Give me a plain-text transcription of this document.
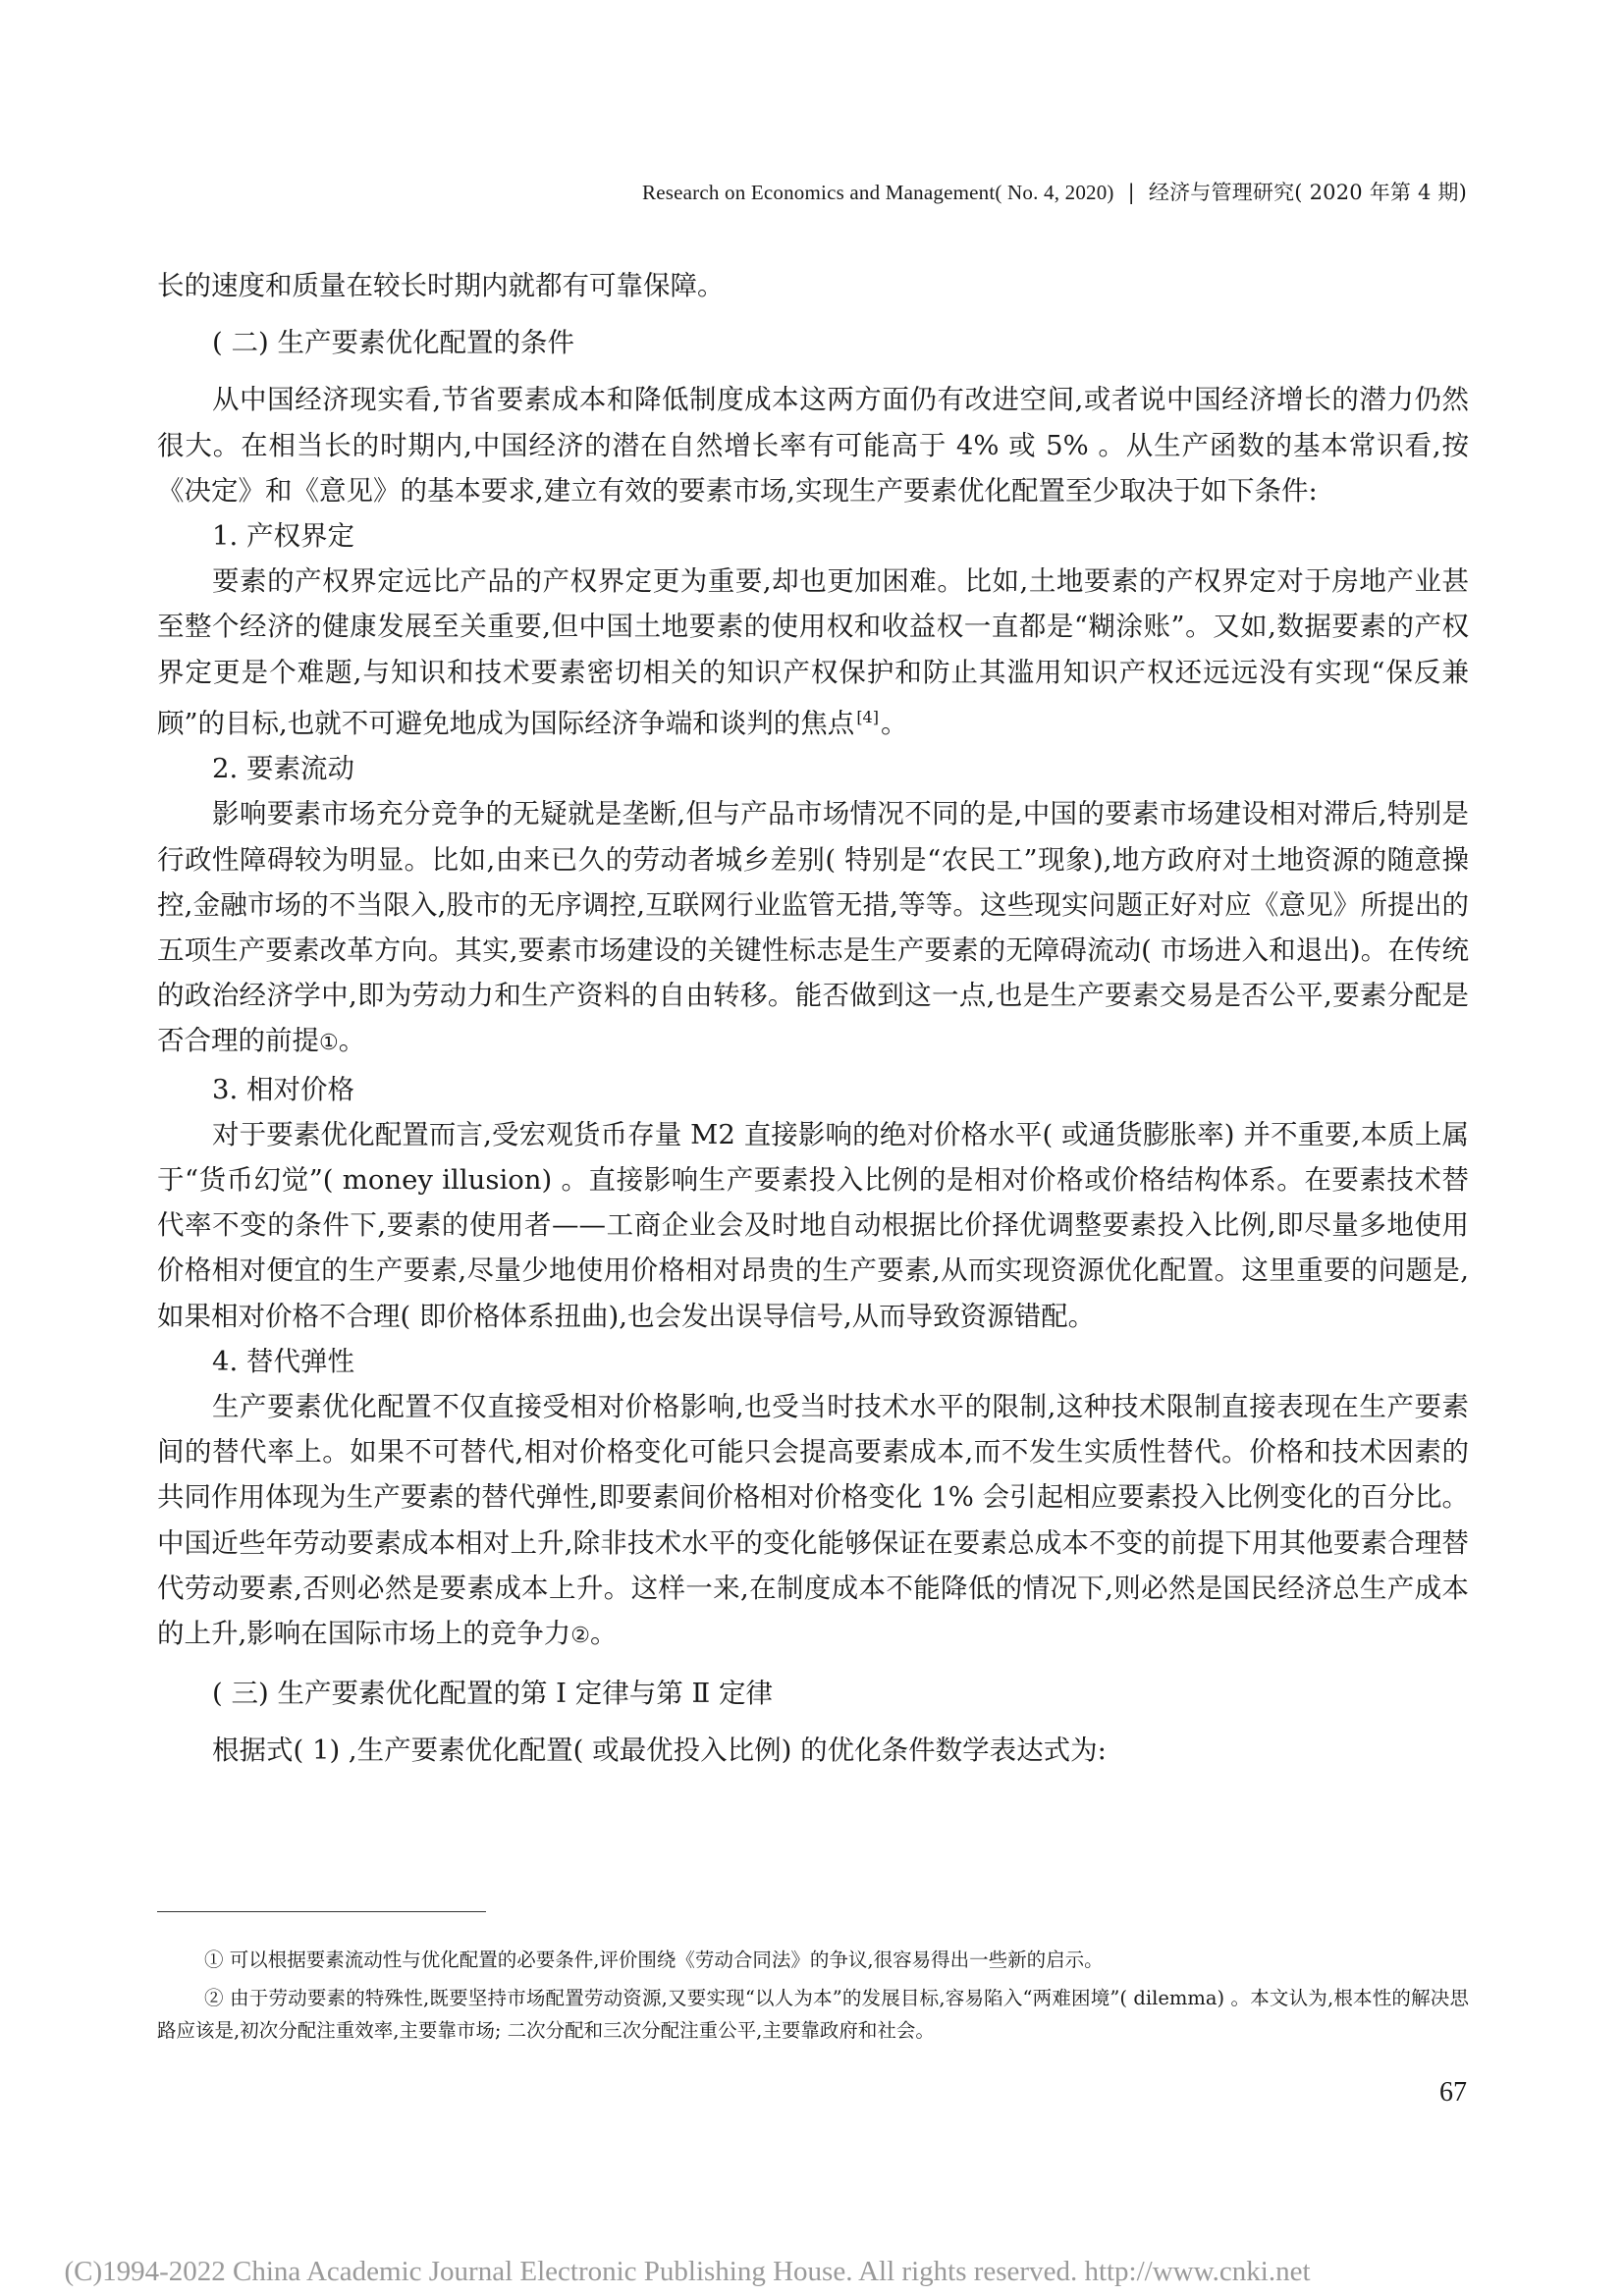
Research on Economics and Management( No. 4, 2020) | 经济与管理研究( 2020 年第 4 期)

长的速度和质量在较长时期内就都有可靠保障。

( 二) 生产要素优化配置的条件

从中国经济现实看,节省要素成本和降低制度成本这两方面仍有改进空间,或者说中国经济增长的潜力仍然很大。在相当长的时期内,中国经济的潜在自然增长率有可能高于 4% 或 5% 。从生产函数的基本常识看,按《决定》和《意见》的基本要求,建立有效的要素市场,实现生产要素优化配置至少取决于如下条件:

1. 产权界定

要素的产权界定远比产品的产权界定更为重要,却也更加困难。比如,土地要素的产权界定对于房地产业甚至整个经济的健康发展至关重要,但中国土地要素的使用权和收益权一直都是“糊涂账”。又如,数据要素的产权界定更是个难题,与知识和技术要素密切相关的知识产权保护和防止其滥用知识产权还远远没有实现“保反兼顾”的目标,也就不可避免地成为国际经济争端和谈判的焦点 [4]。

2. 要素流动

影响要素市场充分竞争的无疑就是垄断,但与产品市场情况不同的是,中国的要素市场建设相对滞后,特别是行政性障碍较为明显。比如,由来已久的劳动者城乡差别( 特别是“农民工”现象),地方政府对土地资源的随意操控,金融市场的不当限入,股市的无序调控,互联网行业监管无措,等等。这些现实问题正好对应《意见》所提出的五项生产要素改革方向。其实,要素市场建设的关键性标志是生产要素的无障碍流动( 市场进入和退出)。在传统的政治经济学中,即为劳动力和生产资料的自由转移。能否做到这一点,也是生产要素交易是否公平,要素分配是否合理的前提①。

3. 相对价格

对于要素优化配置而言,受宏观货币存量 M2 直接影响的绝对价格水平( 或通货膨胀率) 并不重要,本质上属于“货币幻觉”( money illusion) 。直接影响生产要素投入比例的是相对价格或价格结构体系。在要素技术替代率不变的条件下,要素的使用者——工商企业会及时地自动根据比价择优调整要素投入比例,即尽量多地使用价格相对便宜的生产要素,尽量少地使用价格相对昂贵的生产要素,从而实现资源优化配置。这里重要的问题是,如果相对价格不合理( 即价格体系扭曲),也会发出误导信号,从而导致资源错配。

4. 替代弹性

生产要素优化配置不仅直接受相对价格影响,也受当时技术水平的限制,这种技术限制直接表现在生产要素间的替代率上。如果不可替代,相对价格变化可能只会提高要素成本,而不发生实质性替代。价格和技术因素的共同作用体现为生产要素的替代弹性,即要素间价格相对价格变化 1% 会引起相应要素投入比例变化的百分比。中国近些年劳动要素成本相对上升,除非技术水平的变化能够保证在要素总成本不变的前提下用其他要素合理替代劳动要素,否则必然是要素成本上升。这样一来,在制度成本不能降低的情况下,则必然是国民经济总生产成本的上升,影响在国际市场上的竞争力②。

( 三) 生产要素优化配置的第 Ⅰ 定律与第 Ⅱ 定律

根据式( 1) ,生产要素优化配置( 或最优投入比例) 的优化条件数学表达式为:

① 可以根据要素流动性与优化配置的必要条件,评价围绕《劳动合同法》的争议,很容易得出一些新的启示。

② 由于劳动要素的特殊性,既要坚持市场配置劳动资源,又要实现“以人为本”的发展目标,容易陷入“两难困境”( dilemma) 。本文认为,根本性的解决思路应该是,初次分配注重效率,主要靠市场; 二次分配和三次分配注重公平,主要靠政府和社会。

67
(C)1994-2022 China Academic Journal Electronic Publishing House. All rights reserved. http://www.cnki.net
